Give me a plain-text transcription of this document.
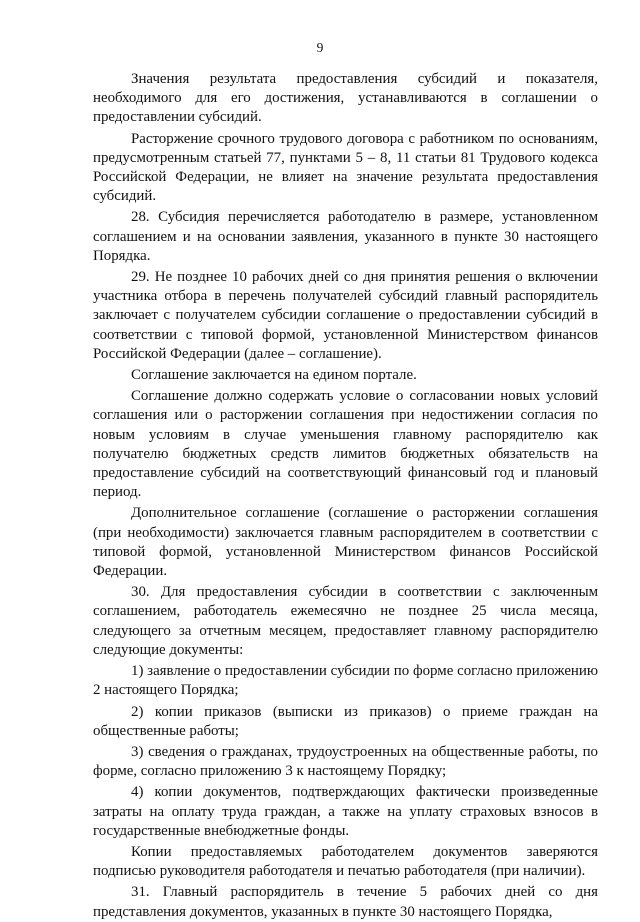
9

Значения результата предоставления субсидий и показателя, необходимого для его достижения, устанавливаются в соглашении о предоставлении субсидий.

Расторжение срочного трудового договора с работником по основаниям, предусмотренным статьей 77, пунктами 5 – 8, 11 статьи 81 Трудового кодекса Российской Федерации, не влияет на значение результата предоставления субсидий.

28. Субсидия перечисляется работодателю в размере, установленном соглашением и на основании заявления, указанного в пункте 30 настоящего Порядка.

29. Не позднее 10 рабочих дней со дня принятия решения о включении участника отбора в перечень получателей субсидий главный распорядитель заключает с получателем субсидии соглашение о предоставлении субсидий в соответствии с типовой формой, установленной Министерством финансов Российской Федерации (далее – соглашение).

Соглашение заключается на едином портале.

Соглашение должно содержать условие о согласовании новых условий соглашения или о расторжении соглашения при недостижении согласия по новым условиям в случае уменьшения главному распорядителю как получателю бюджетных средств лимитов бюджетных обязательств на предоставление субсидий на соответствующий финансовый год и плановый период.

Дополнительное соглашение (соглашение о расторжении соглашения (при необходимости) заключается главным распорядителем в соответствии с типовой формой, установленной Министерством финансов Российской Федерации.

30. Для предоставления субсидии в соответствии с заключенным соглашением, работодатель ежемесячно не позднее 25 числа месяца, следующего за отчетным месяцем, предоставляет главному распорядителю следующие документы:

1) заявление о предоставлении субсидии по форме согласно приложению 2 настоящего Порядка;

2) копии приказов (выписки из приказов) о приеме граждан на общественные работы;

3) сведения о гражданах, трудоустроенных на общественные работы, по форме, согласно приложению 3 к настоящему Порядку;

4) копии документов, подтверждающих фактически произведенные затраты на оплату труда граждан, а также на уплату страховых взносов в государственные внебюджетные фонды.

Копии предоставляемых работодателем документов заверяются подписью руководителя работодателя и печатью работодателя (при наличии).

31. Главный распорядитель в течение 5 рабочих дней со дня представления документов, указанных в пункте 30 настоящего Порядка,
